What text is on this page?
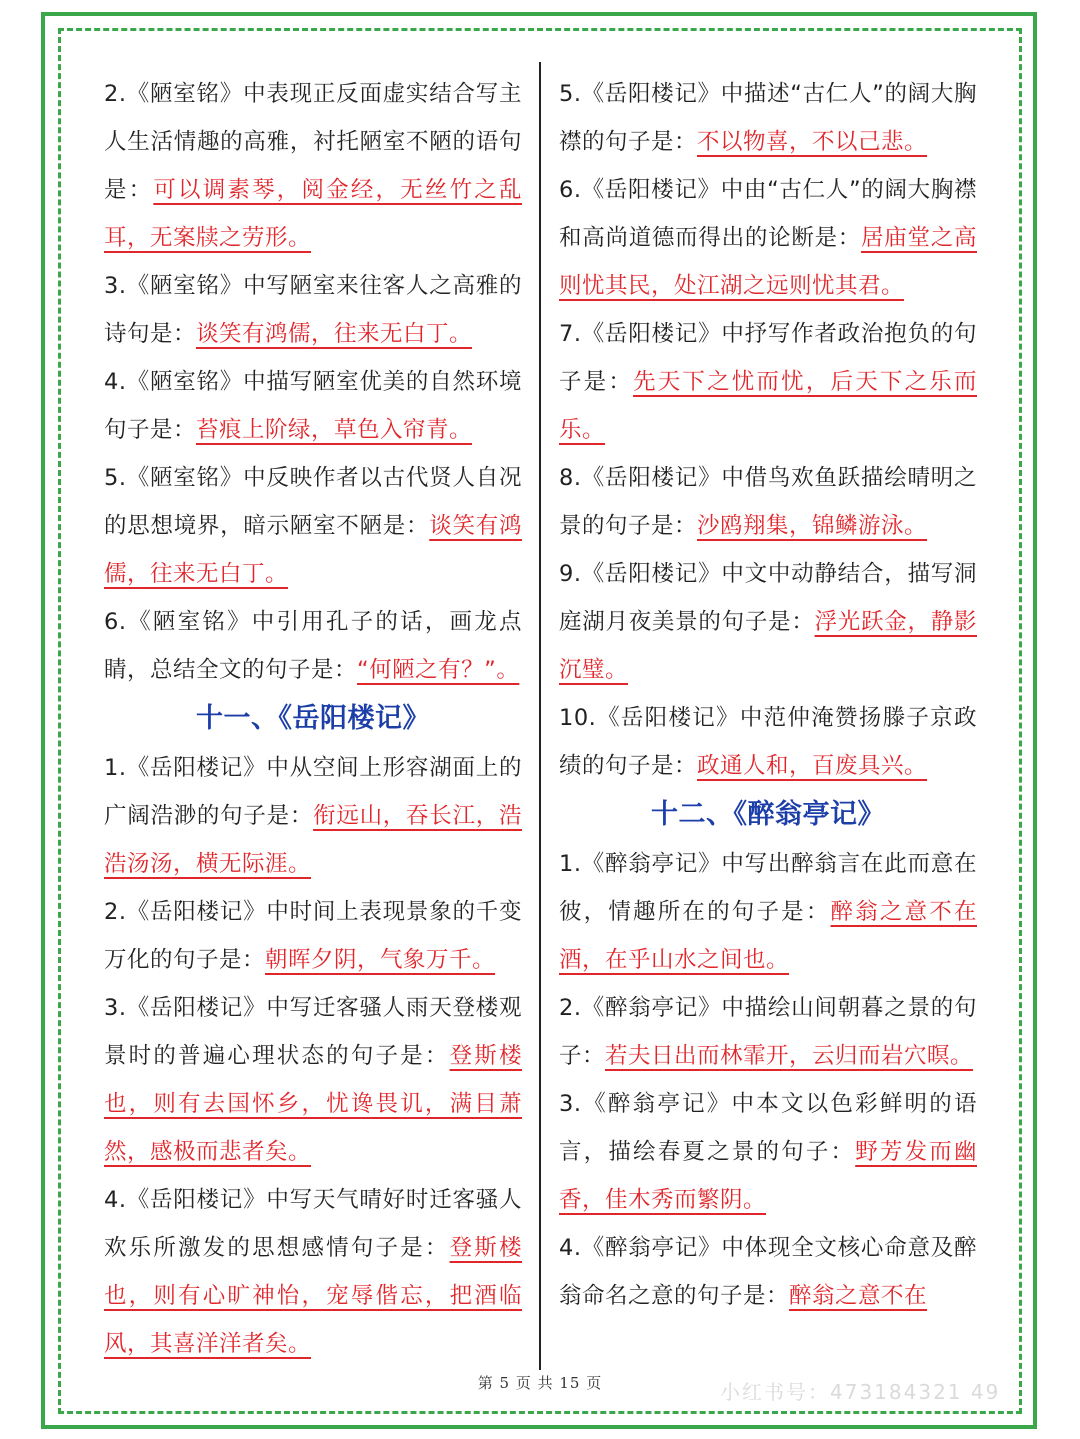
2.《陋室铭》中表现正反面虚实结合写主人生活情趣的高雅，衬托陋室不陋的语句是：可以调素琴，阅金经，无丝竹之乱耳，无案牍之劳形。

3.《陋室铭》中写陋室来往客人之高雅的诗句是：谈笑有鸿儒，往来无白丁。

4.《陋室铭》中描写陋室优美的自然环境句子是：苔痕上阶绿，草色入帘青。

5.《陋室铭》中反映作者以古代贤人自况的思想境界，暗示陋室不陋是：谈笑有鸿儒，往来无白丁。

6.《陋室铭》中引用孔子的话，画龙点睛，总结全文的句子是：“何陋之有？”。

十一、《岳阳楼记》

1.《岳阳楼记》中从空间上形容湖面上的广阔浩渺的句子是：衔远山，吞长江，浩浩汤汤，横无际涯。

2.《岳阳楼记》中时间上表现景象的千变万化的句子是：朝晖夕阴，气象万千。

3.《岳阳楼记》中写迁客骚人雨天登楼观景时的普遍心理状态的句子是：登斯楼也，则有去国怀乡，忧谗畏讥，满目萧然，感极而悲者矣。

4.《岳阳楼记》中写天气晴好时迁客骚人欢乐所激发的思想感情句子是：登斯楼也，则有心旷神怡，宠辱偕忘，把酒临风，其喜洋洋者矣。

5.《岳阳楼记》中描述“古仁人”的阔大胸襟的句子是：不以物喜，不以己悲。

6.《岳阳楼记》中由“古仁人”的阔大胸襟和高尚道德而得出的论断是：居庙堂之高则忧其民，处江湖之远则忧其君。

7.《岳阳楼记》中抒写作者政治抱负的句子是：先天下之忧而忧，后天下之乐而乐。

8.《岳阳楼记》中借鸟欢鱼跃描绘晴明之景的句子是：沙鸥翔集，锦鳞游泳。

9.《岳阳楼记》中文中动静结合，描写洞庭湖月夜美景的句子是：浮光跃金，静影沉璧。

10.《岳阳楼记》中范仲淹赞扬滕子京政绩的句子是：政通人和，百废具兴。

十二、《醉翁亭记》

1.《醉翁亭记》中写出醉翁言在此而意在彼，情趣所在的句子是：醉翁之意不在酒，在乎山水之间也。

2.《醉翁亭记》中描绘山间朝暮之景的句子：若夫日出而林霏开，云归而岩穴暝。

3.《醉翁亭记》中本文以色彩鲜明的语言，描绘春夏之景的句子：野芳发而幽香，佳木秀而繁阴。

4.《醉翁亭记》中体现全文核心命意及醉翁命名之意的句子是：醉翁之意不在

第 5 页 共 15 页	小红书号：473184321 49
